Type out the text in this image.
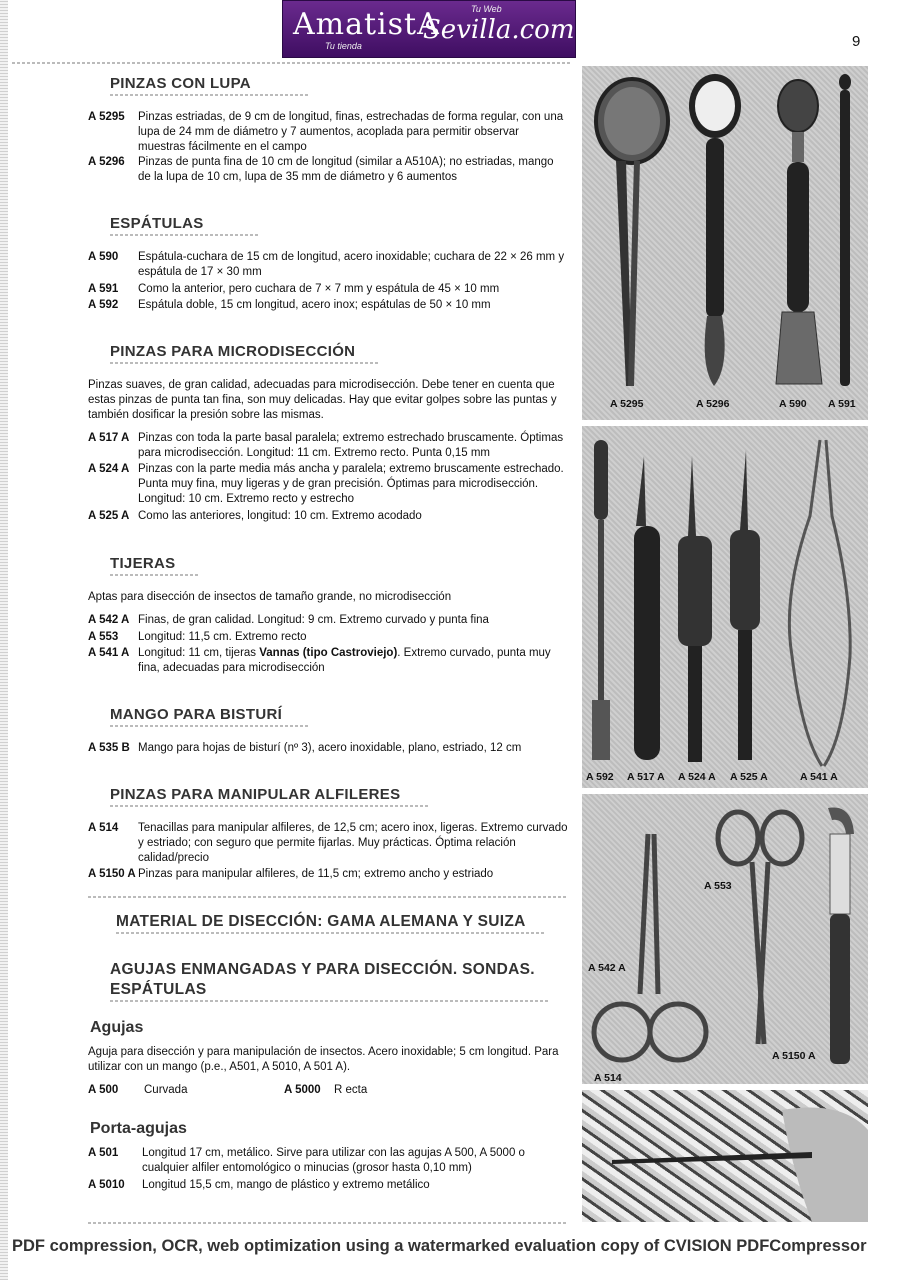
AmatistA
Sevilla.com
Tu Web
Tu tienda	9
PINZAS CON LUPA
A 5295	Pinzas estriadas, de 9 cm de longitud, finas, estrechadas de forma regular, con una lupa de 24 mm de diámetro y 7 aumentos, acoplada para permitir observar muestras fácilmente en el campo
A 5296	Pinzas de punta fina de 10 cm de longitud (similar a A510A); no estriadas, mango de la lupa de 10 cm, lupa de 35 mm de diámetro y 6 aumentos
ESPÁTULAS
A 590	Espátula-cuchara de 15 cm de longitud, acero inoxidable; cuchara de 22 × 26 mm y espátula de 17 × 30 mm
A 591	Como la anterior, pero cuchara de 7 × 7 mm y espátula de 45 × 10 mm
A 592	Espátula doble, 15 cm longitud, acero inox; espátulas de 50 × 10 mm
PINZAS PARA MICRODISECCIÓN
Pinzas suaves, de gran calidad, adecuadas para microdisección. Debe tener en cuenta que estas pinzas de punta tan fina, son muy delicadas. Hay que evitar golpes sobre las puntas y también dosificar la presión sobre las mismas.
A 517 A Pinzas con toda la parte basal paralela; extremo estrechado bruscamente. Óptimas para microdisección. Longitud: 11 cm. Extremo recto. Punta 0,15 mm
A 524 A Pinzas con la parte media más ancha y paralela; extremo bruscamente estrechado. Punta muy fina, muy ligeras y de gran precisión. Óptimas para microdisección. Longitud: 10 cm. Extremo recto y estrecho
A 525 A Como las anteriores, longitud: 10 cm. Extremo acodado
TIJERAS
Aptas para disección de insectos de tamaño grande, no microdisección
A 542 A Finas, de gran calidad. Longitud: 9 cm. Extremo curvado y punta fina
A 553	Longitud: 11,5 cm. Extremo recto
A 541 A Longitud: 11 cm, tijeras Vannas (tipo Castroviejo). Extremo curvado, punta muy fina, adecuadas para microdisección
MANGO PARA BISTURÍ
A 535 B Mango para hojas de bisturí (nº 3), acero inoxidable, plano, estriado, 12 cm
PINZAS PARA MANIPULAR ALFILERES
A 514	Tenacillas para manipular alfileres, de 12,5 cm; acero inox, ligeras. Extremo curvado y estriado; con seguro que permite fijarlas. Muy prácticas. Óptima relación calidad/precio
A 5150 A Pinzas para manipular alfileres, de 11,5 cm; extremo ancho y estriado
MATERIAL DE DISECCIÓN: GAMA ALEMANA Y SUIZA
AGUJAS ENMANGADAS Y PARA DISECCIÓN. SONDAS.
ESPÁTULAS
Agujas
Aguja para disección y para manipulación de insectos. Acero inoxidable; 5 cm longitud. Para utilizar con un mango (p.e., A501, A 5010, A 501 A).
A 500	Curvada	A 5000	R ecta
Porta-agujas
A 501	Longitud 17 cm, metálico. Sirve para utilizar con las agujas A 500, A 5000 o cualquier alfiler entomológico o minucias (grosor hasta 0,10 mm)
A 5010	Longitud 15,5 cm, mango de plástico y extremo metálico
A 5295	A 5296	A 590 A 591
A 592 A 517 A A 524 A A 525 A	A 541 A
A 553
A 542 A
A 5150 A
A 514
PDF compression, OCR, web optimization using a watermarked evaluation copy of CVISION PDFCompressor
